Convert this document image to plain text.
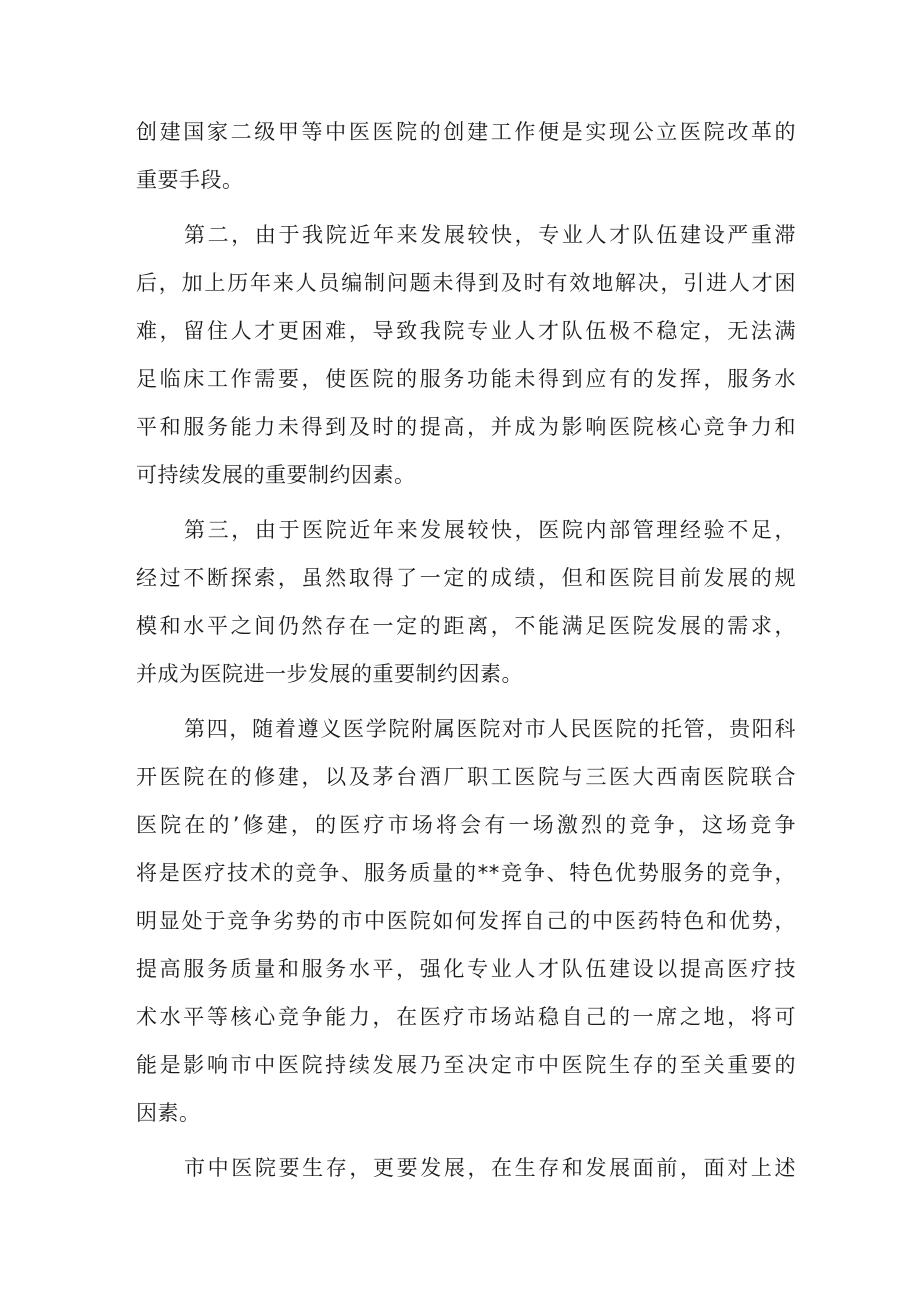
创建国家二级甲等中医医院的创建工作便是实现公立医院改革的
重要手段。
第二，由于我院近年来发展较快，专业人才队伍建设严重滞
后，加上历年来人员编制问题未得到及时有效地解决，引进人才困
难，留住人才更困难，导致我院专业人才队伍极不稳定，无法满
足临床工作需要，使医院的服务功能未得到应有的发挥，服务水
平和服务能力未得到及时的提高，并成为影响医院核心竞争力和
可持续发展的重要制约因素。
第三，由于医院近年来发展较快，医院内部管理经验不足，
经过不断探索，虽然取得了一定的成绩，但和医院目前发展的规
模和水平之间仍然存在一定的距离，不能满足医院发展的需求，
并成为医院进一步发展的重要制约因素。
第四，随着遵义医学院附属医院对市人民医院的托管，贵阳科
开医院在的修建，以及茅台酒厂职工医院与三医大西南医院联合
医院在的’修建，的医疗市场将会有一场激烈的竞争，这场竞争
将是医疗技术的竞争、服务质量的**竞争、特色优势服务的竞争，
明显处于竞争劣势的市中医院如何发挥自己的中医药特色和优势，
提高服务质量和服务水平，强化专业人才队伍建设以提高医疗技
术水平等核心竞争能力，在医疗市场站稳自己的一席之地，将可
能是影响市中医院持续发展乃至决定市中医院生存的至关重要的
因素。
市中医院要生存，更要发展，在生存和发展面前，面对上述
